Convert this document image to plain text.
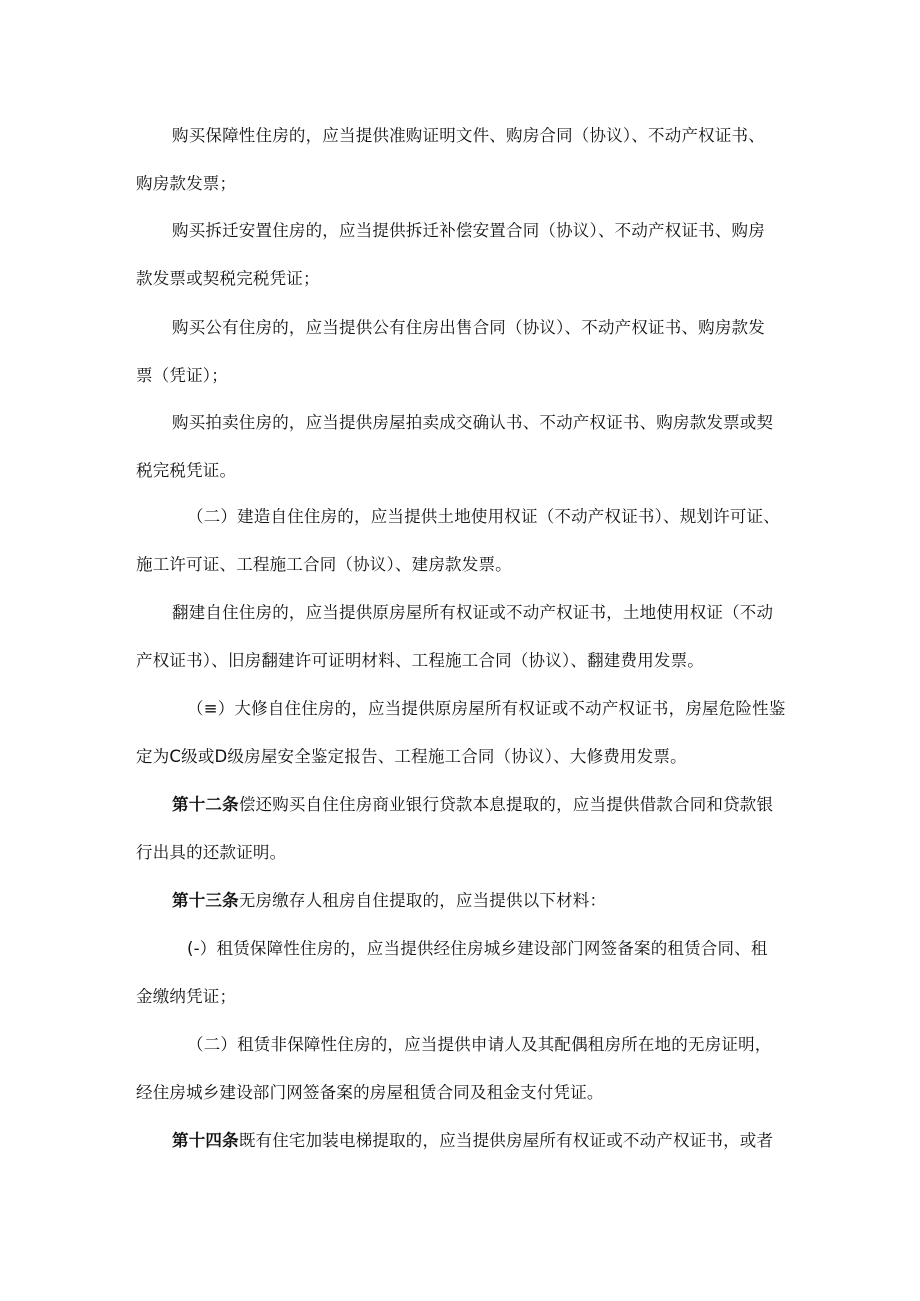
购买保障性住房的，应当提供准购证明文件、购房合同（协议）、不动产权证书、
购房款发票；
购买拆迁安置住房的，应当提供拆迁补偿安置合同（协议）、不动产权证书、购房
款发票或契税完税凭证；
购买公有住房的，应当提供公有住房出售合同（协议）、不动产权证书、购房款发
票（凭证）；
购买拍卖住房的，应当提供房屋拍卖成交确认书、不动产权证书、购房款发票或契
税完税凭证。
（二）建造自住住房的，应当提供土地使用权证（不动产权证书）、规划许可证、
施工许可证、工程施工合同（协议）、建房款发票。
翻建自住住房的，应当提供原房屋所有权证或不动产权证书，土地使用权证（不动
产权证书）、旧房翻建许可证明材料、工程施工合同（协议）、翻建费用发票。
（≡）大修自住住房的，应当提供原房屋所有权证或不动产权证书，房屋危险性鉴
定为C级或D级房屋安全鉴定报告、工程施工合同（协议）、大修费用发票。
第十二条偿还购买自住住房商业银行贷款本息提取的，应当提供借款合同和贷款银
行出具的还款证明。
第十三条无房缴存人租房自住提取的，应当提供以下材料：
(-）租赁保障性住房的，应当提供经住房城乡建设部门网签备案的租赁合同、租
金缴纳凭证；
（二）租赁非保障性住房的，应当提供申请人及其配偶租房所在地的无房证明，
经住房城乡建设部门网签备案的房屋租赁合同及租金支付凭证。
第十四条既有住宅加装电梯提取的，应当提供房屋所有权证或不动产权证书，或者
